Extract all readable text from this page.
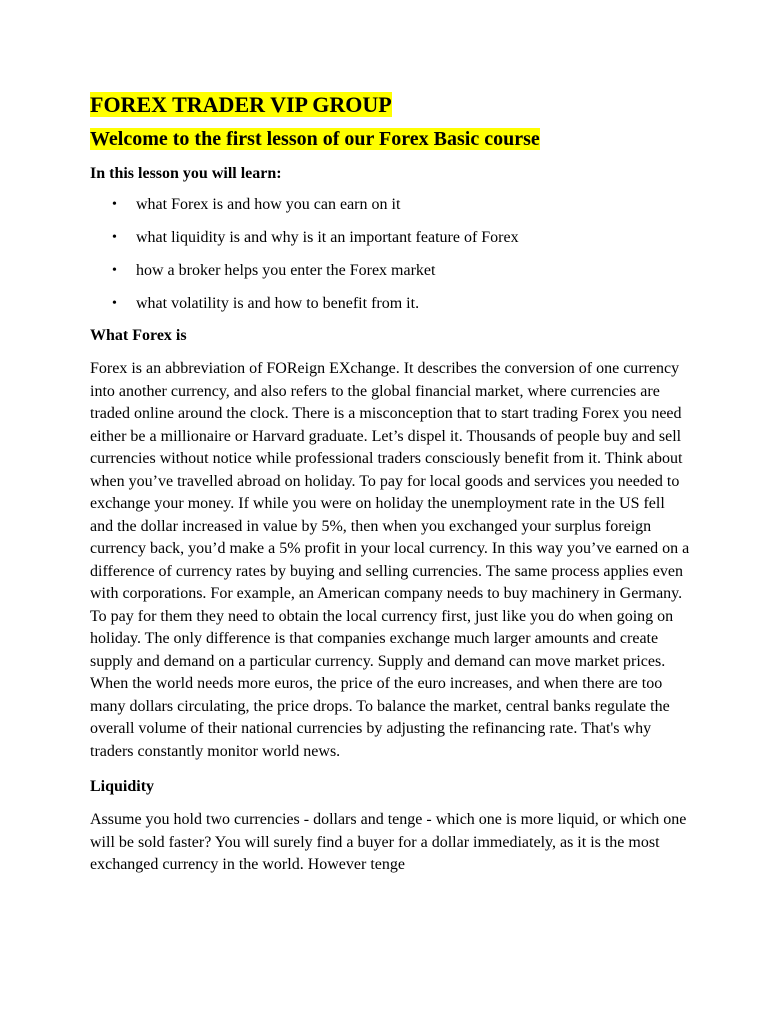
FOREX TRADER VIP GROUP
Welcome to the first lesson of our Forex Basic course
In this lesson you will learn:
• what Forex is and how you can earn on it
• what liquidity is and why is it an important feature of Forex
• how a broker helps you enter the Forex market
• what volatility is and how to benefit from it.
What Forex is

Forex is an abbreviation of FOReign EXchange. It describes the conversion of one currency into another currency, and also refers to the global financial market, where currencies are traded online around the clock. There is a misconception that to start trading Forex you need either be a millionaire or Harvard graduate. Let’s dispel it. Thousands of people buy and sell currencies without notice while professional traders consciously benefit from it. Think about when you’ve travelled abroad on holiday. To pay for local goods and services you needed to exchange your money. If while you were on holiday the unemployment rate in the US fell and the dollar increased in value by 5%, then when you exchanged your surplus foreign currency back, you’d make a 5% profit in your local currency. In this way you’ve earned on a difference of currency rates by buying and selling currencies. The same process applies even with corporations. For example, an American company needs to buy machinery in Germany. To pay for them they need to obtain the local currency first, just like you do when going on holiday. The only difference is that companies exchange much larger amounts and create supply and demand on a particular currency. Supply and demand can move market prices. When the world needs more euros, the price of the euro increases, and when there are too many dollars circulating, the price drops. To balance the market, central banks regulate the overall volume of their national currencies by adjusting the refinancing rate. That's why traders constantly monitor world news.

Liquidity

Assume you hold two currencies - dollars and tenge - which one is more liquid, or which one will be sold faster? You will surely find a buyer for a dollar immediately, as it is the most exchanged currency in the world. However tenge
